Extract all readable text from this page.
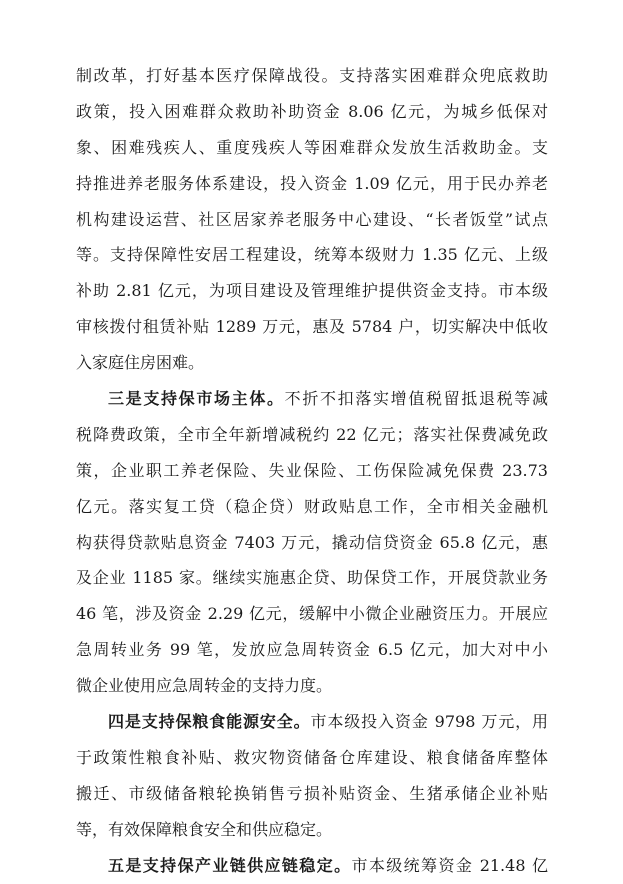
制改革，打好基本医疗保障战役。支持落实困难群众兜底救助
政策，投入困难群众救助补助资金 8.06 亿元，为城乡低保对
象、困难残疾人、重度残疾人等困难群众发放生活救助金。支
持推进养老服务体系建设，投入资金 1.09 亿元，用于民办养老
机构建设运营、社区居家养老服务中心建设、“长者饭堂”试点
等。支持保障性安居工程建设，统筹本级财力 1.35 亿元、上级
补助 2.81 亿元，为项目建设及管理维护提供资金支持。市本级
审核拨付租赁补贴 1289 万元，惠及 5784 户，切实解决中低收
入家庭住房困难。
三是支持保市场主体。不折不扣落实增值税留抵退税等减
税降费政策，全市全年新增减税约 22 亿元；落实社保费减免政
策，企业职工养老保险、失业保险、工伤保险减免保费 23.73
亿元。落实复工贷（稳企贷）财政贴息工作，全市相关金融机
构获得贷款贴息资金 7403 万元，撬动信贷资金 65.8 亿元，惠
及企业 1185 家。继续实施惠企贷、助保贷工作，开展贷款业务
46 笔，涉及资金 2.29 亿元，缓解中小微企业融资压力。开展应
急周转业务 99 笔，发放应急周转资金 6.5 亿元，加大对中小
微企业使用应急周转金的支持力度。
四是支持保粮食能源安全。市本级投入资金 9798 万元，用
于政策性粮食补贴、救灾物资储备仓库建设、粮食储备库整体
搬迁、市级储备粮轮换销售亏损补贴资金、生猪承储企业补贴
等，有效保障粮食安全和供应稳定。
五是支持保产业链供应链稳定。市本级统筹资金 21.48 亿
